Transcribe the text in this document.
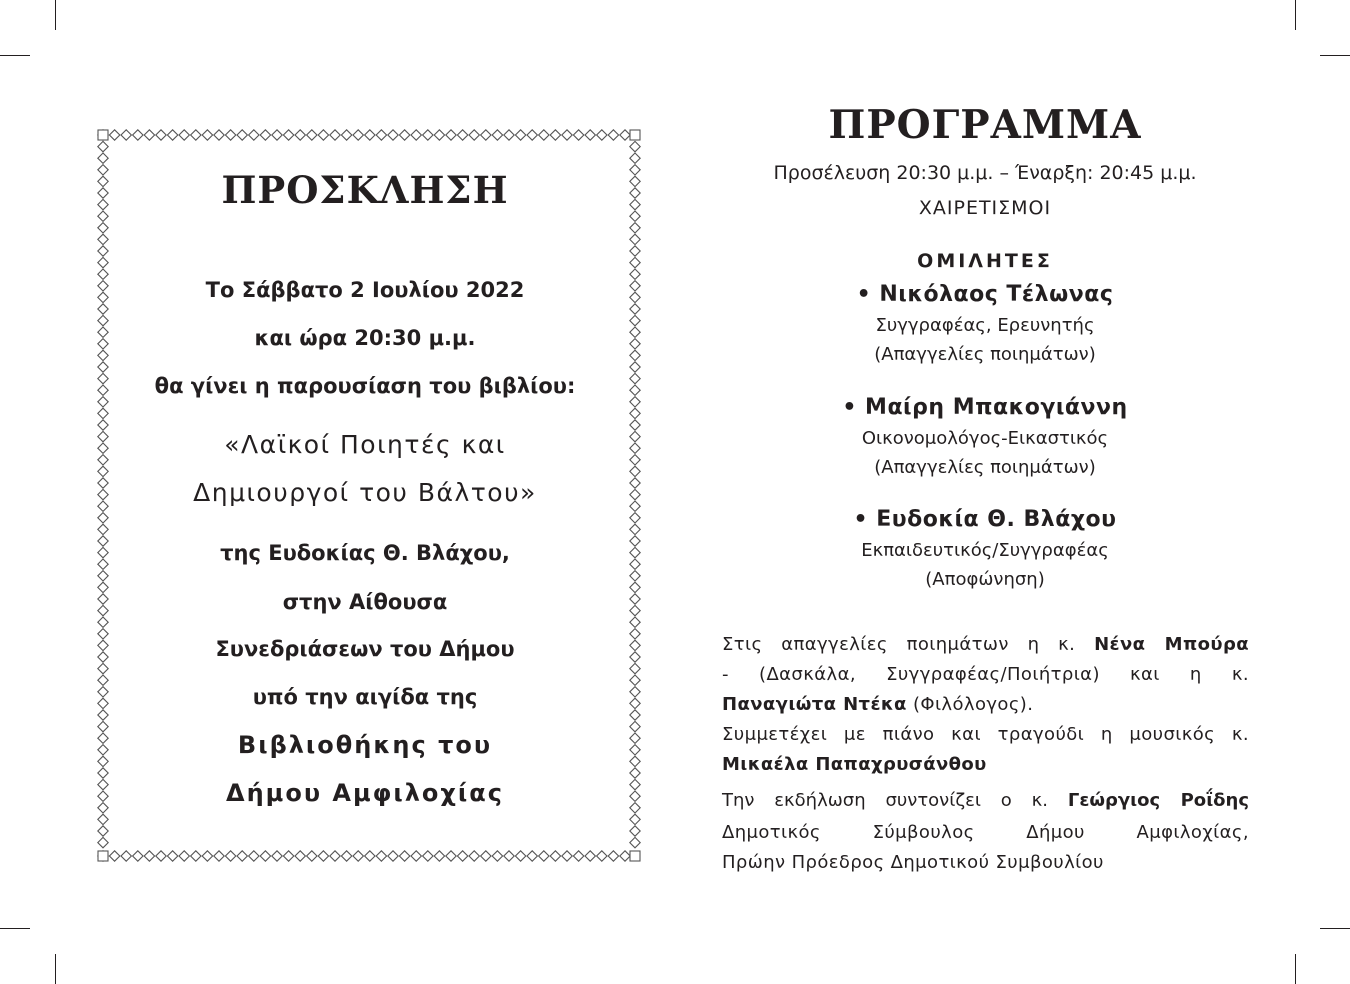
ΠΡΟΣΚΛΗΣΗ
Το Σάββατο 2 Ιουλίου 2022
και ώρα 20:30 μ.μ.
θα γίνει η παρουσίαση του βιβλίου:
«Λαϊκοί Ποιητές και
Δημιουργοί του Βάλτου»
της Ευδοκίας Θ. Βλάχου,
στην Αίθουσα
Συνεδριάσεων του Δήμου
υπό την αιγίδα της
Βιβλιοθήκης του
Δήμου Αμφιλοχίας
ΠΡΟΓΡΑΜΜΑ
Προσέλευση 20:30 μ.μ. – Έναρξη: 20:45 μ.μ.
ΧΑΙΡΕΤΙΣΜΟΙ
ΟΜΙΛΗΤΕΣ
• Νικόλαος Τέλωνας
Συγγραφέας, Ερευνητής
(Απαγγελίες ποιημάτων)
• Μαίρη Μπακογιάννη
Οικονομολόγος-Εικαστικός
(Απαγγελίες ποιημάτων)
• Ευδοκία Θ. Βλάχου
Εκπαιδευτικός/Συγγραφέας
(Αποφώνηση)
Στις απαγγελίες ποιημάτων η κ. Νένα Μπούρα
- (Δασκάλα, Συγγραφέας/Ποιήτρια) και η κ.
Παναγιώτα Ντέκα (Φιλόλογος).
Συμμετέχει με πιάνο και τραγούδι η μουσικός κ. Μικαέλα Παπαχρυσάνθου
Την εκδήλωση συντονίζει ο κ. Γεώργιος Ροΐδης
Δημοτικός Σύμβουλος Δήμου Αμφιλοχίας,
Πρώην Πρόεδρος Δημοτικού Συμβουλίου
